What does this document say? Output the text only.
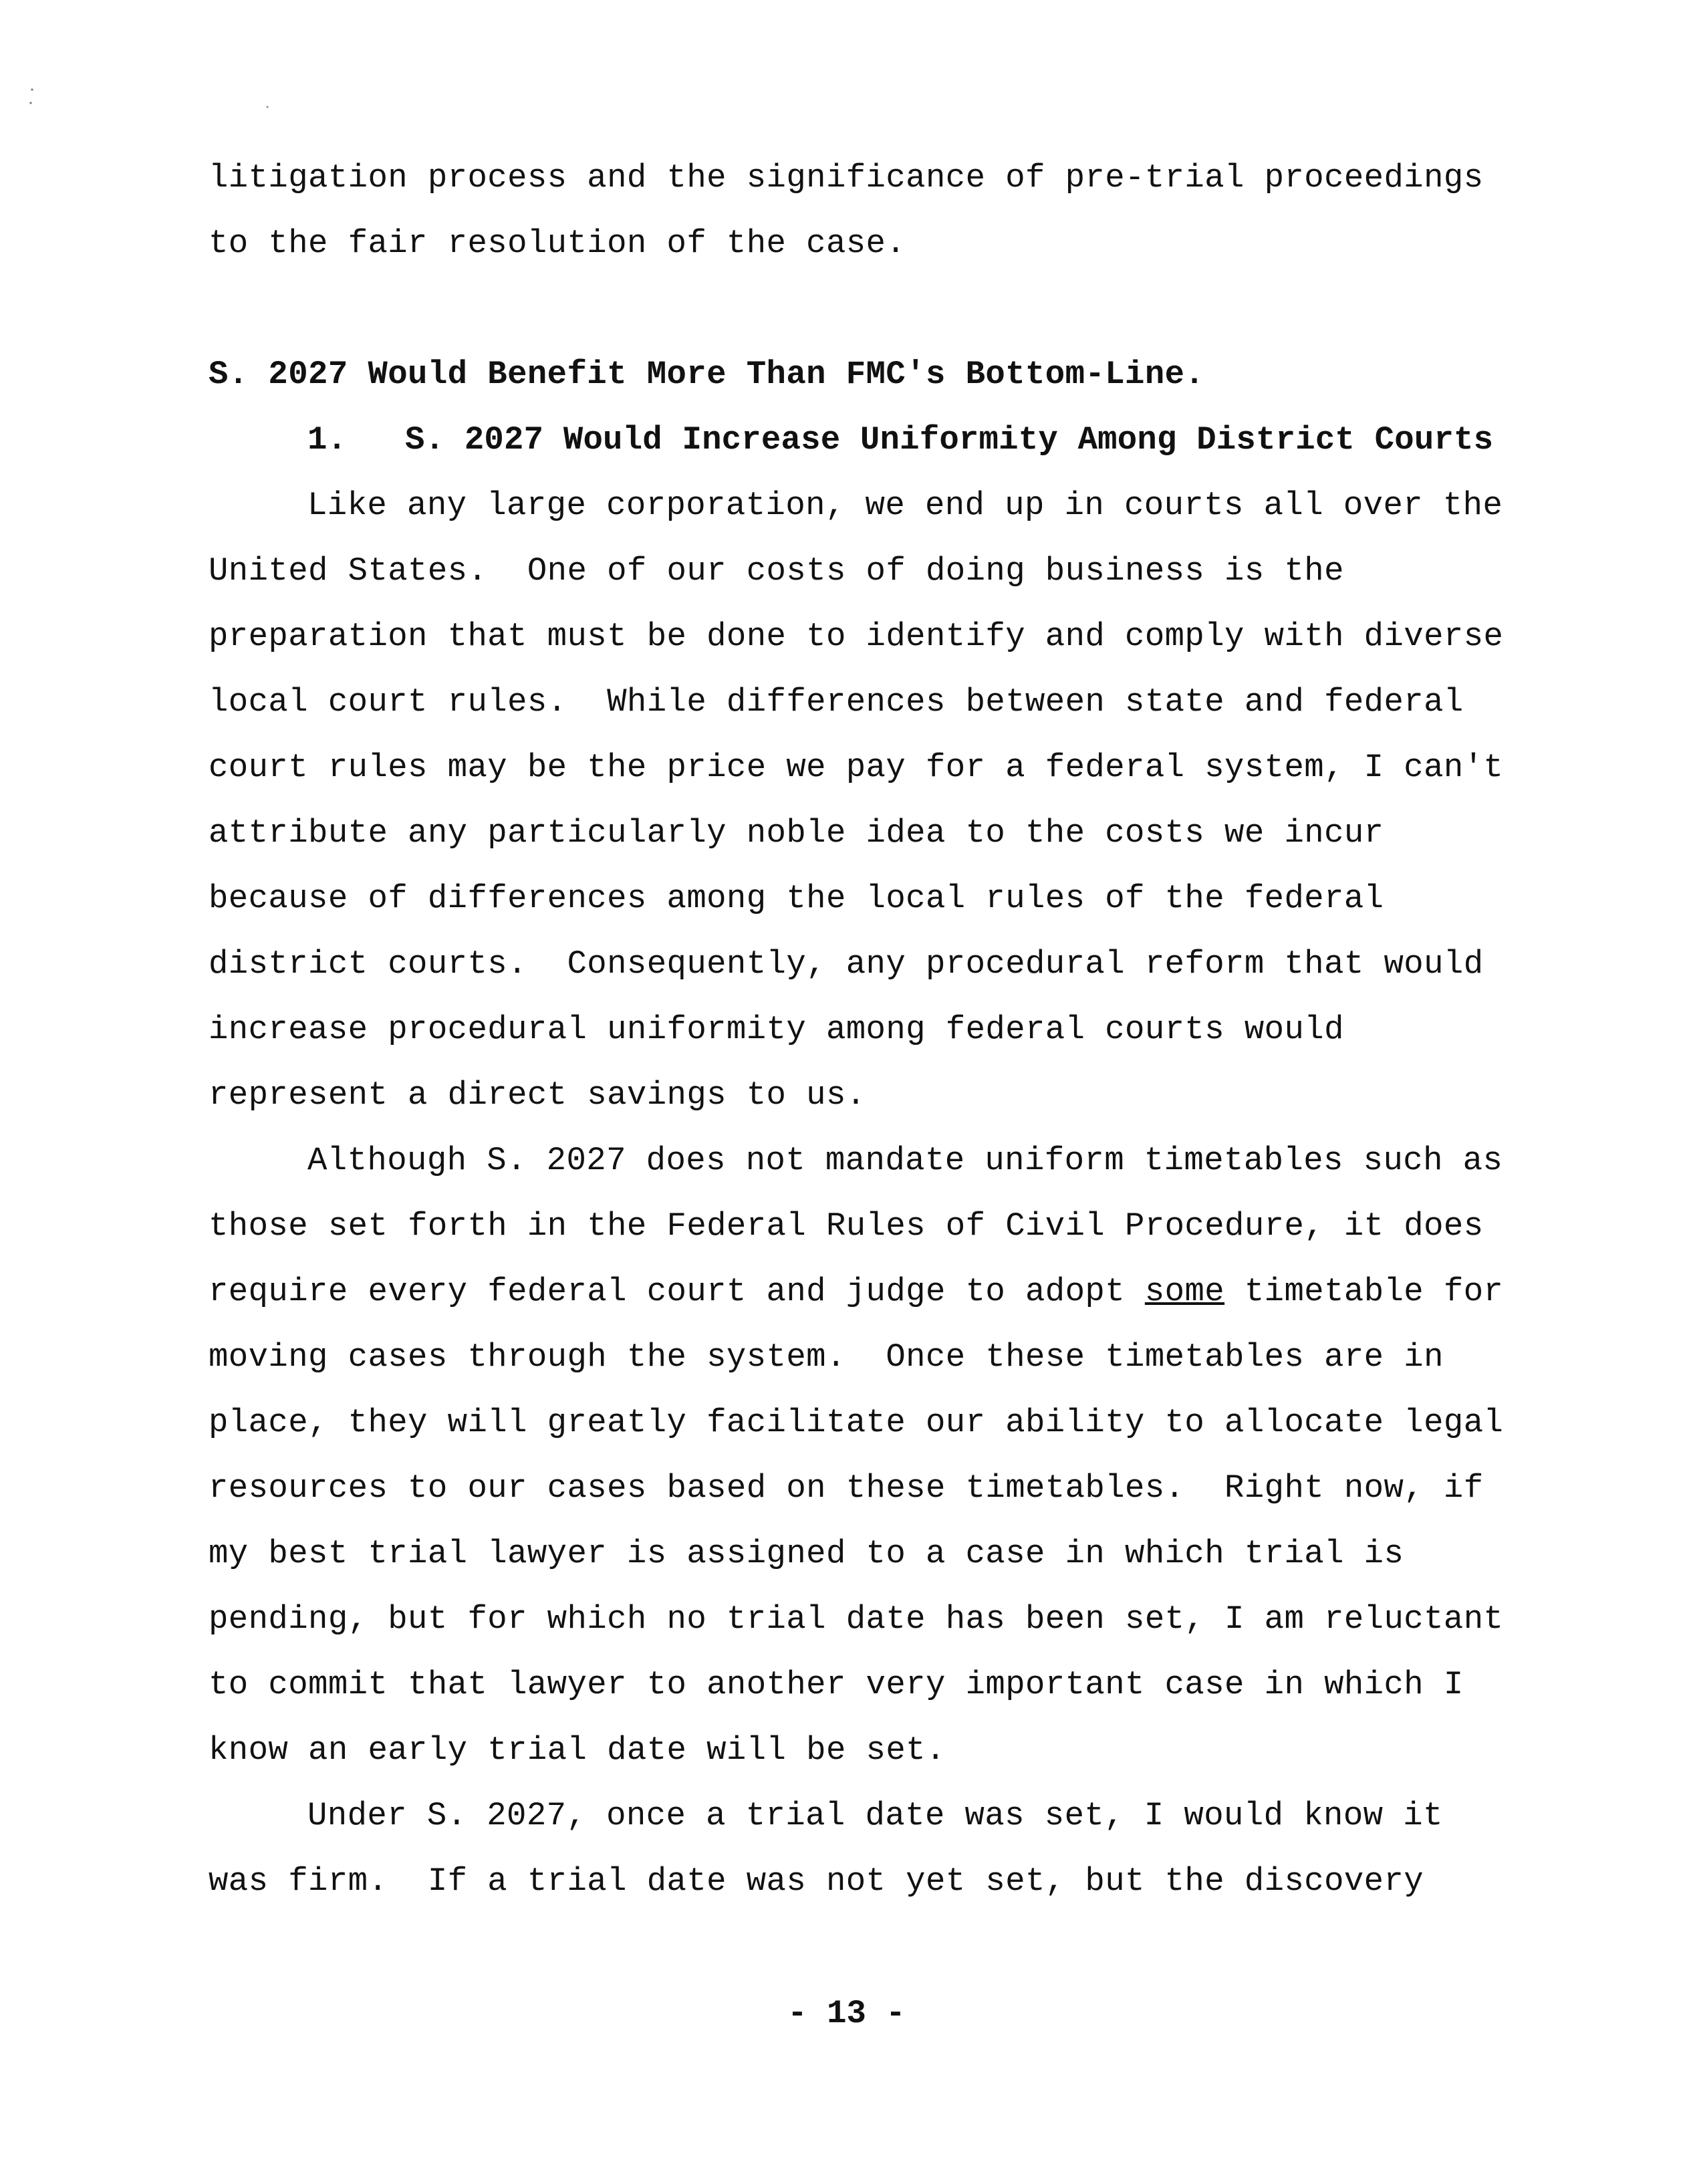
litigation process and the significance of pre-trial proceedings
to the fair resolution of the case.
S. 2027 Would Benefit More Than FMC's Bottom-Line.
1. S. 2027 Would Increase Uniformity Among District Courts
Like any large corporation, we end up in courts all over the
United States.  One of our costs of doing business is the
preparation that must be done to identify and comply with diverse
local court rules.  While differences between state and federal
court rules may be the price we pay for a federal system, I can't
attribute any particularly noble idea to the costs we incur
because of differences among the local rules of the federal
district courts.  Consequently, any procedural reform that would
increase procedural uniformity among federal courts would
represent a direct savings to us.
Although S. 2027 does not mandate uniform timetables such as
those set forth in the Federal Rules of Civil Procedure, it does
require every federal court and judge to adopt some timetable for
moving cases through the system.  Once these timetables are in
place, they will greatly facilitate our ability to allocate legal
resources to our cases based on these timetables.  Right now, if
my best trial lawyer is assigned to a case in which trial is
pending, but for which no trial date has been set, I am reluctant
to commit that lawyer to another very important case in which I
know an early trial date will be set.
Under S. 2027, once a trial date was set, I would know it
was firm.  If a trial date was not yet set, but the discovery
- 13 -
